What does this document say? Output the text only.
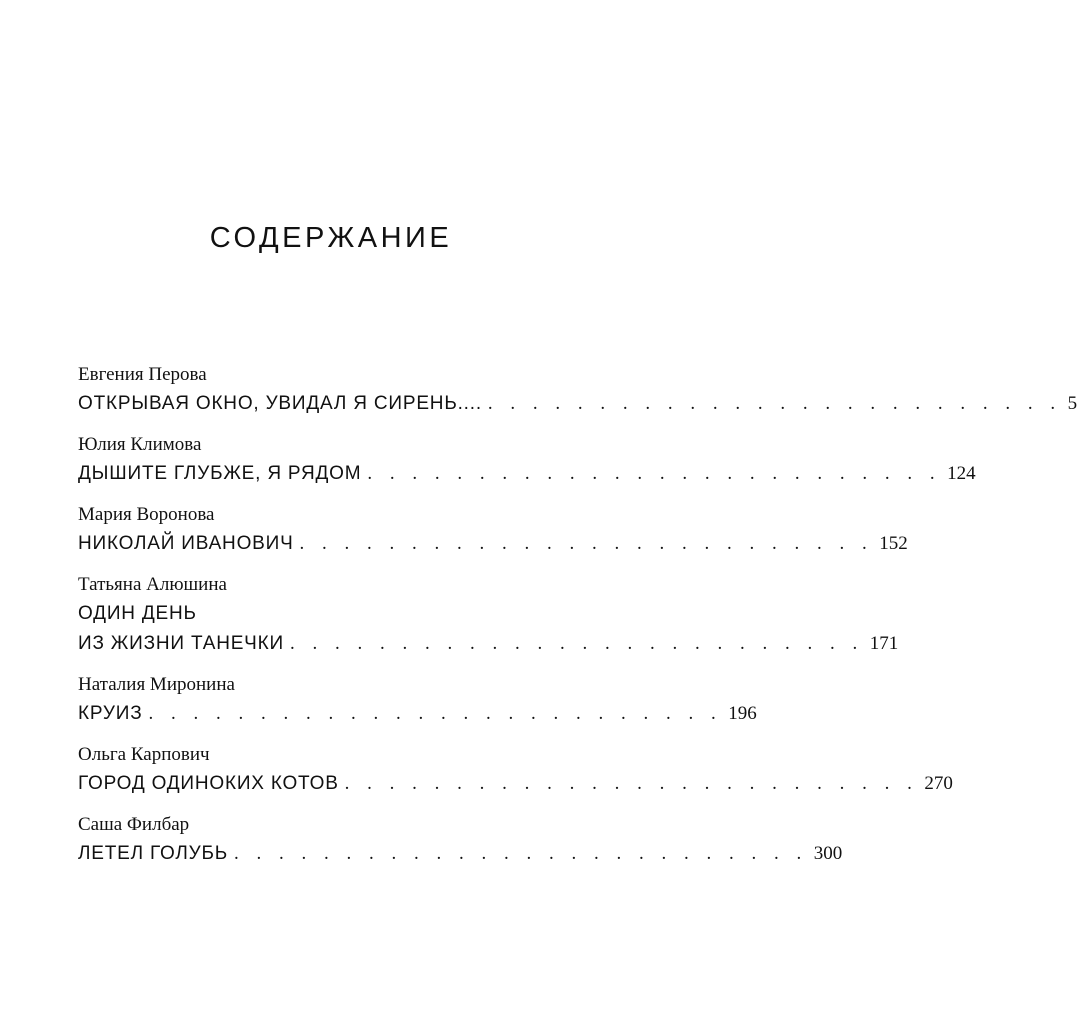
СОДЕРЖАНИЕ
Евгения Перова
ОТКРЫВАЯ ОКНО, УВИДАЛ Я СИРЕНЬ.... . . . . . . . . . . . . . . . . . . . . . . . . . . 5
Юлия Климова
ДЫШИТЕ ГЛУБЖЕ, Я РЯДОМ . . . . . . . . . . . . . . . . . . . . . . . . . . 124
Мария Воронова
НИКОЛАЙ ИВАНОВИЧ . . . . . . . . . . . . . . . . . . . . . . . . . . 152
Татьяна Алюшина
ОДИН ДЕНЬ
ИЗ ЖИЗНИ ТАНЕЧКИ . . . . . . . . . . . . . . . . . . . . . . . . . . 171
Наталия Миронина
КРУИЗ . . . . . . . . . . . . . . . . . . . . . . . . . . 196
Ольга Карпович
ГОРОД ОДИНОКИХ КОТОВ . . . . . . . . . . . . . . . . . . . . . . . . . . 270
Саша Филбар
ЛЕТЕЛ ГОЛУБЬ . . . . . . . . . . . . . . . . . . . . . . . . . . 300
